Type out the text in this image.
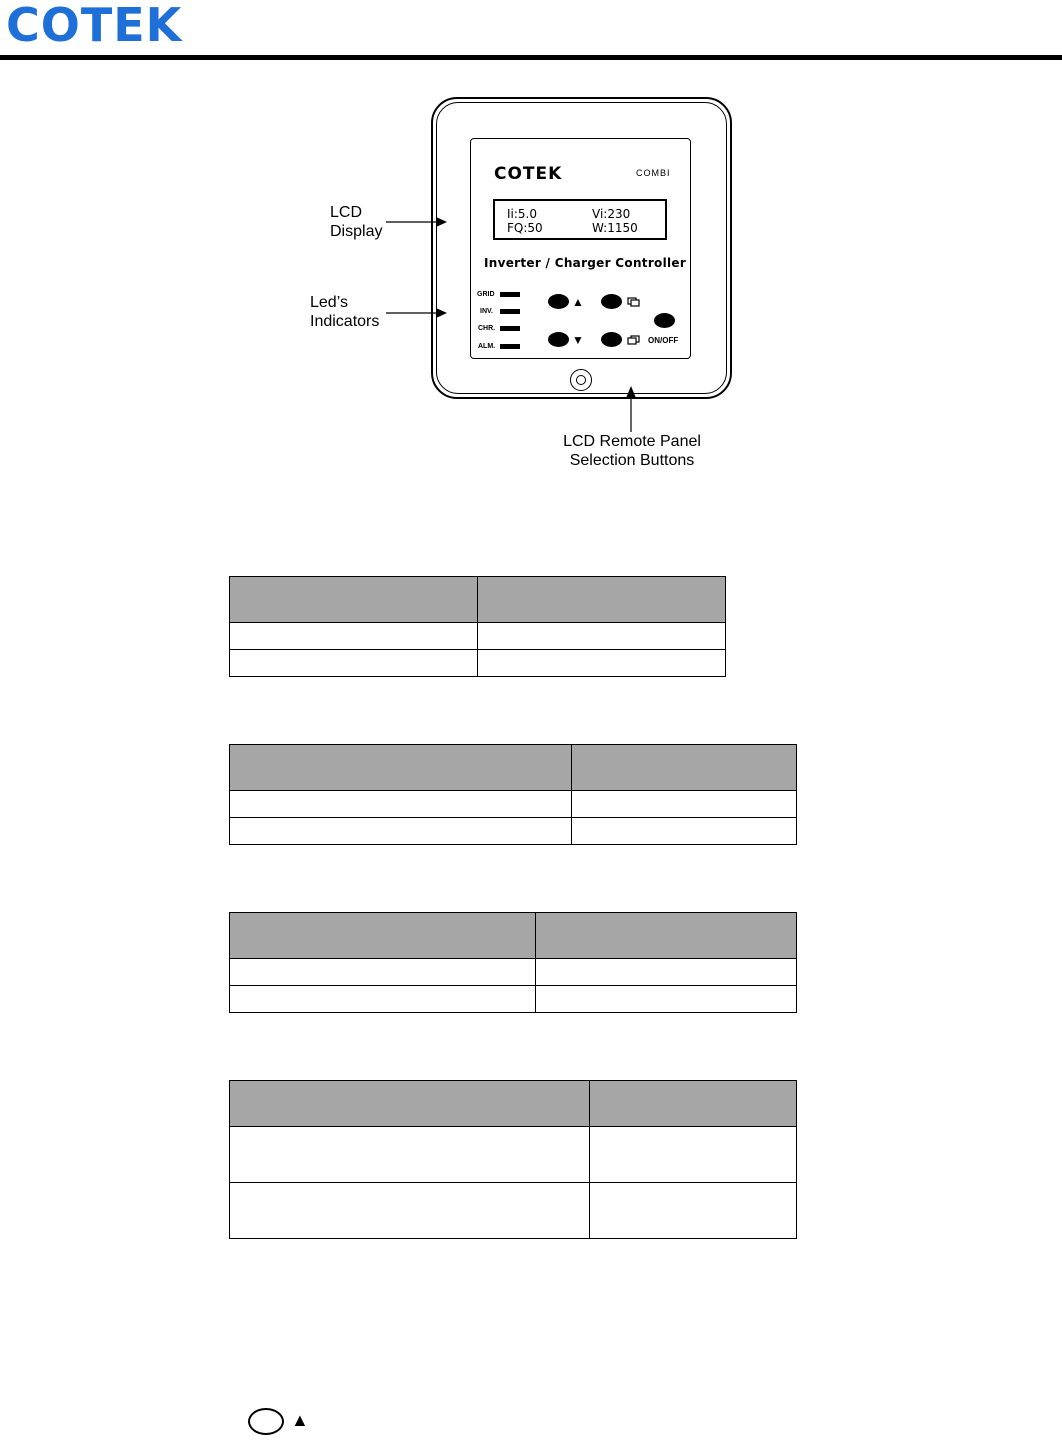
COTEK
COTEK	COMBI
Ii:5.0	Vi:230
FQ:50	W:1150
Inverter / Charger Controller
GRID
INV.
CHR.
ALM.
▲
▼	ON/OFF
LCD
Display
Led’s
Indicators
LCD Remote Panel
Selection Buttons

▲
